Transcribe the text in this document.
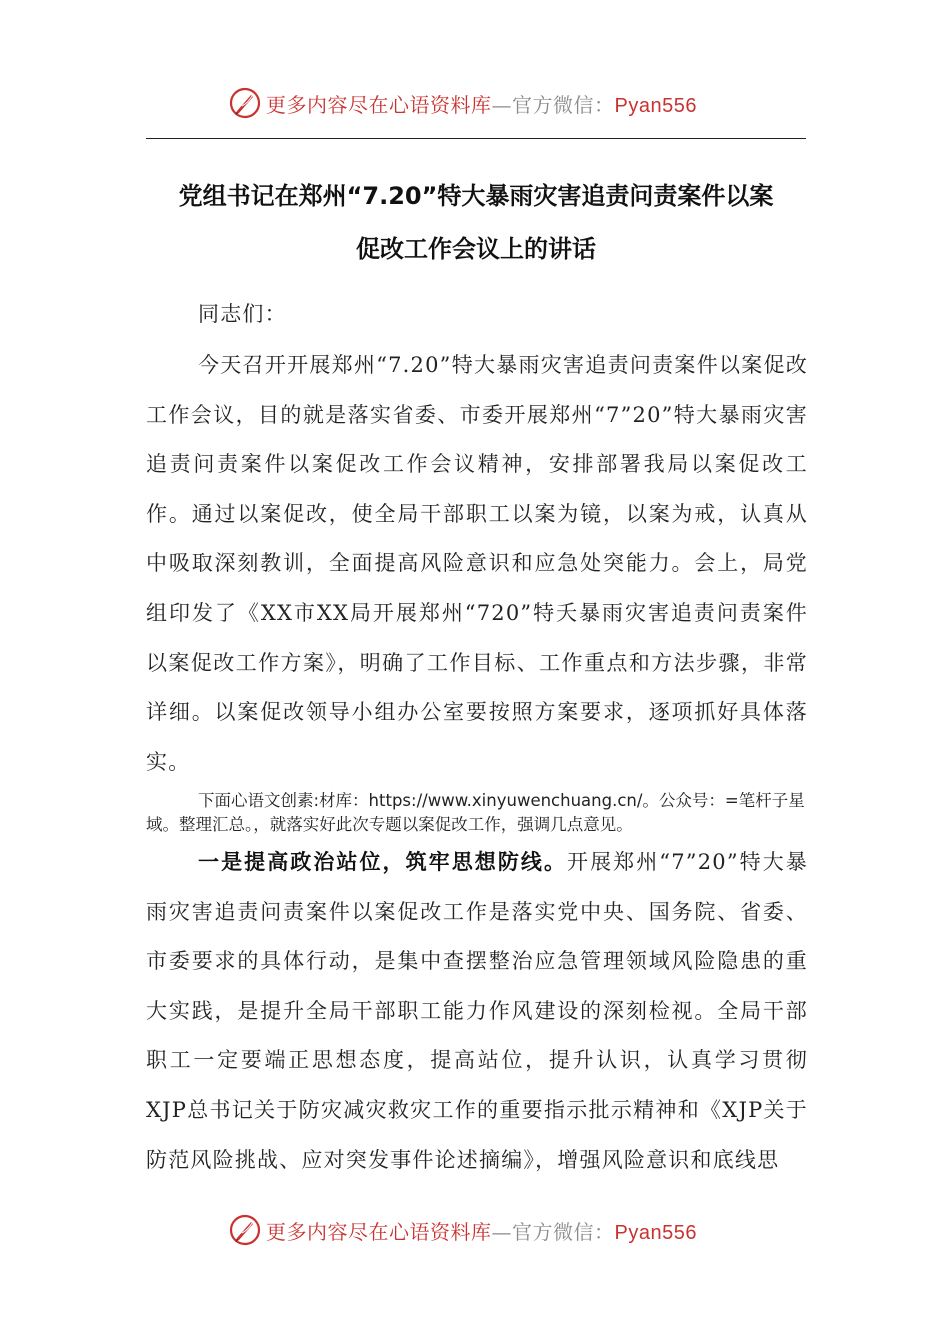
更多内容尽在心语资料库—官方微信：Pyan556
党组书记在郑州“7.20”特大暴雨灾害追责问责案件以案
促改工作会议上的讲话
同志们：
今天召开开展郑州“7.20”特大暴雨灾害追责问责案件以案促改工作会议，目的就是落实省委、市委开展郑州“7”20”特大暴雨灾害追责问责案件以案促改工作会议精神，安排部署我局以案促改工作。通过以案促改，使全局干部职工以案为镜，以案为戒，认真从中吸取深刻教训，全面提高风险意识和应急处突能力。会上，局党组印发了《XX市XX局开展郑州“720”特夭暴雨灾害追责问责案件以案促改工作方案》，明确了工作目标、工作重点和方法步骤，非常详细。以案促改领导小组办公室要按照方案要求，逐项抓好具体落实。
下面心语文创素:材库：https://www.xinyuwenchuang.cn/。公众号：=笔杆子星域。整理汇总。，就落实好此次专题以案促改工作，强调几点意见。
一是提高政治站位，筑牢思想防线。开展郑州“7”20”特大暴雨灾害追责问责案件以案促改工作是落实党中央、国务院、省委、市委要求的具体行动，是集中查摆整治应急管理领域风险隐患的重大实践，是提升全局干部职工能力作风建设的深刻检视。全局干部职工一定要端正思想态度，提高站位，提升认识，认真学习贯彻XJP总书记关于防灾减灾救灾工作的重要指示批示精神和《XJP关于防范风险挑战、应对突发事件论述摘编》，增强风险意识和底线思
更多内容尽在心语资料库—官方微信：Pyan556
